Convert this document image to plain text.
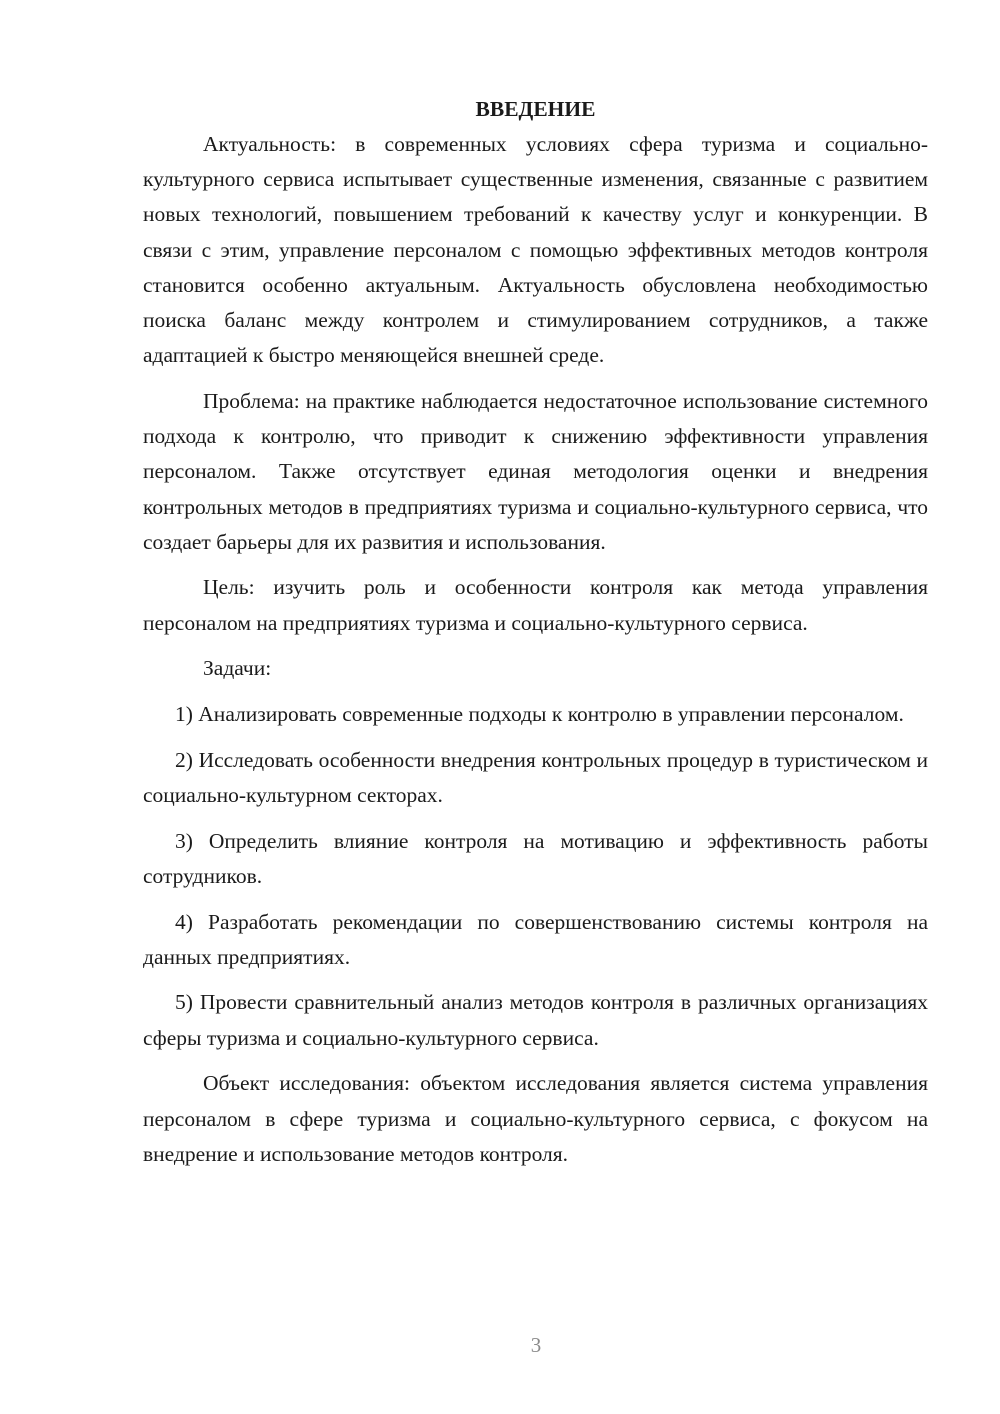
ВВЕДЕНИЕ

Актуальность: в современных условиях сфера туризма и социально-культурного сервиса испытывает существенные изменения, связанные с развитием новых технологий, повышением требований к качеству услуг и конкуренции. В связи с этим, управление персоналом с помощью эффективных методов контроля становится особенно актуальным. Актуальность обусловлена необходимостью поиска баланс между контролем и стимулированием сотрудников, а также адаптацией к быстро меняющейся внешней среде.

Проблема: на практике наблюдается недостаточное использование системного подхода к контролю, что приводит к снижению эффективности управления персоналом. Также отсутствует единая методология оценки и внедрения контрольных методов в предприятиях туризма и социально-культурного сервиса, что создает барьеры для их развития и использования.

Цель: изучить роль и особенности контроля как метода управления персоналом на предприятиях туризма и социально-культурного сервиса.

Задачи:

1) Анализировать современные подходы к контролю в управлении персоналом.

2) Исследовать особенности внедрения контрольных процедур в туристическом и социально-культурном секторах.

3) Определить влияние контроля на мотивацию и эффективность работы сотрудников.

4) Разработать рекомендации по совершенствованию системы контроля на данных предприятиях.

5) Провести сравнительный анализ методов контроля в различных организациях сферы туризма и социально-культурного сервиса.

Объект исследования: объектом исследования является система управления персоналом в сфере туризма и социально-культурного сервиса, с фокусом на внедрение и использование методов контроля.

3
